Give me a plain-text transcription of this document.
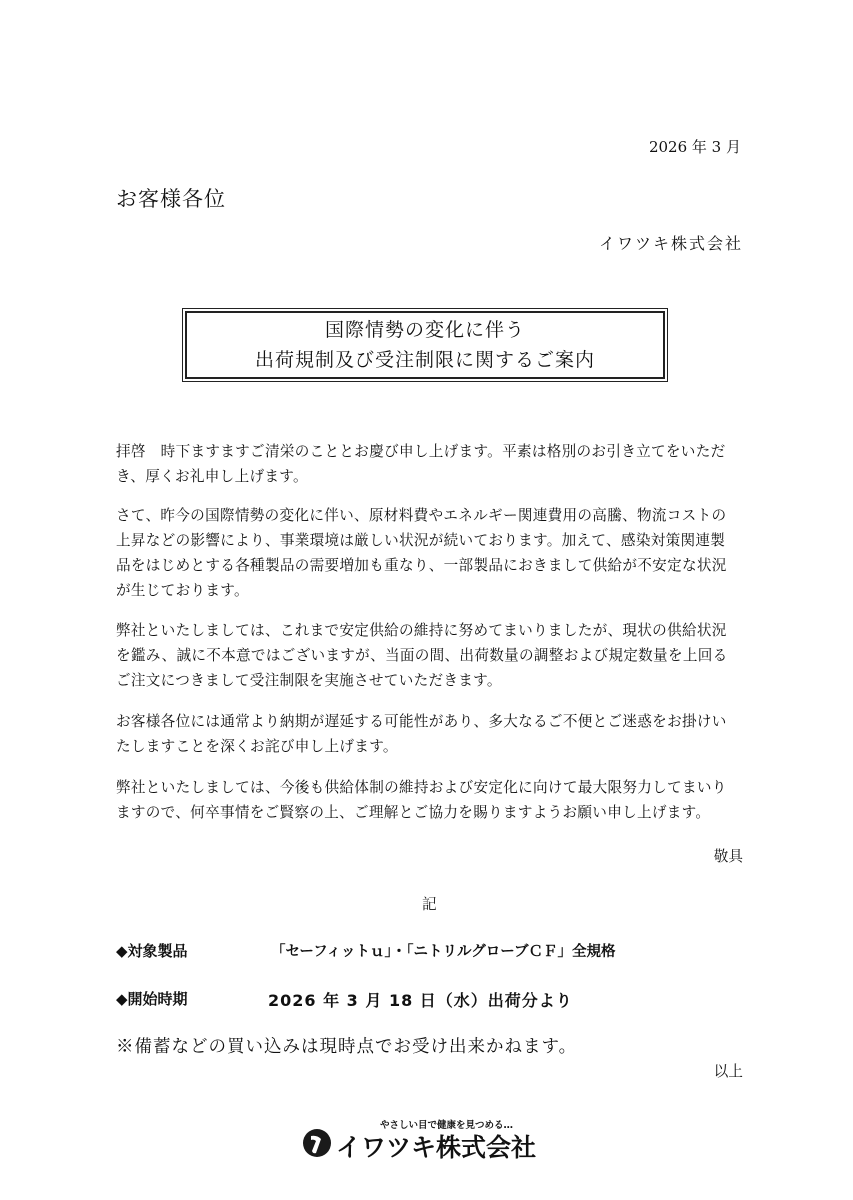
2026 年 3 月
お客様各位
イワツキ株式会社
国際情勢の変化に伴う
出荷規制及び受注制限に関するご案内

拝啓　時下ますますご清栄のこととお慶び申し上げます。平素は格別のお引き立てをいただ
き、厚くお礼申し上げます。

さて、昨今の国際情勢の変化に伴い、原材料費やエネルギー関連費用の高騰、物流コストの
上昇などの影響により、事業環境は厳しい状況が続いております。加えて、感染対策関連製
品をはじめとする各種製品の需要増加も重なり、一部製品におきまして供給が不安定な状況
が生じております。

弊社といたしましては、これまで安定供給の維持に努めてまいりましたが、現状の供給状況
を鑑み、誠に不本意ではございますが、当面の間、出荷数量の調整および規定数量を上回る
ご注文につきまして受注制限を実施させていただきます。

お客様各位には通常より納期が遅延する可能性があり、多大なるご不便とご迷惑をお掛けい
たしますことを深くお詫び申し上げます。

弊社といたしましては、今後も供給体制の維持および安定化に向けて最大限努力してまいり
ますので、何卒事情をご賢察の上、ご理解とご協力を賜りますようお願い申し上げます。

敬具
記
◆対象製品	「セーフィットｕ」・「ニトリルグローブＣＦ」全規格
◆開始時期	2026 年 3 月 18 日（水）出荷分より
※備蓄などの買い込みは現時点でお受け出来かねます。
以上
やさしい目で健康を見つめる…
イワツキ株式会社
